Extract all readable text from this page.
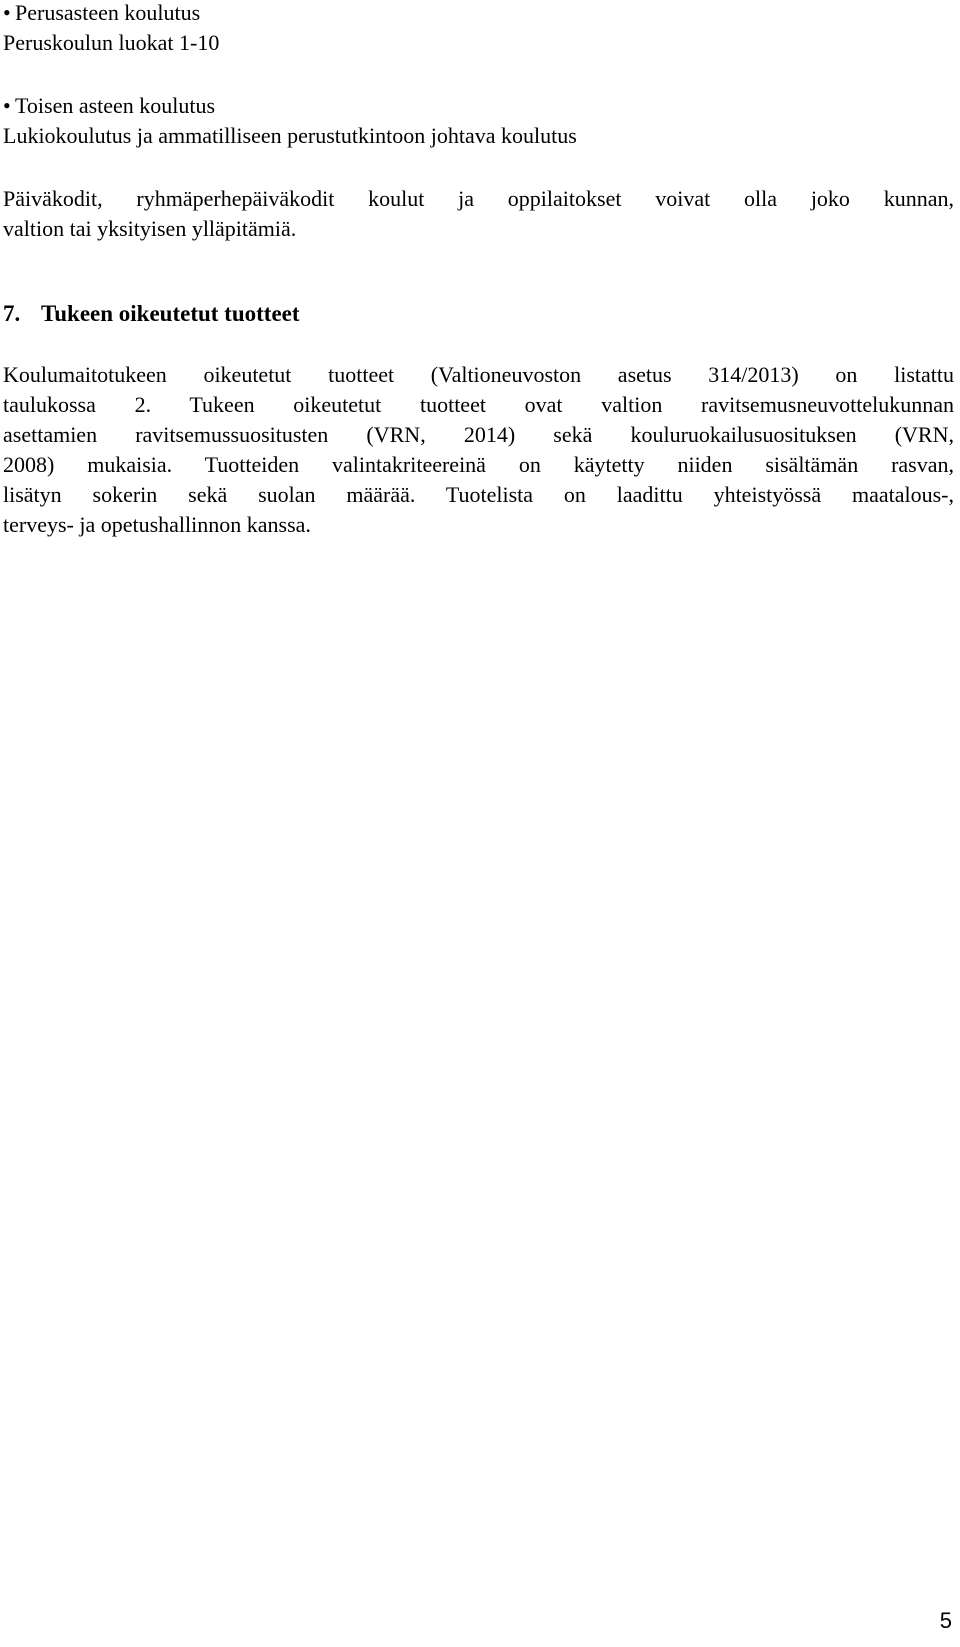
• Perusasteen koulutus
Peruskoulun luokat 1-10
• Toisen asteen koulutus
Lukiokoulutus ja ammatilliseen perustutkintoon johtava koulutus
Päiväkodit, ryhmäperhepäiväkodit koulut ja oppilaitokset voivat olla joko kunnan,
valtion tai yksityisen ylläpitämiä.
7. Tukeen oikeutetut tuotteet
Koulumaitotukeen oikeutetut tuotteet (Valtioneuvoston asetus 314/2013) on listattu
taulukossa 2. Tukeen oikeutetut tuotteet ovat valtion ravitsemusneuvottelukunnan
asettamien ravitsemussuositusten (VRN, 2014) sekä kouluruokailusuosituksen (VRN,
2008) mukaisia. Tuotteiden valintakriteereinä on käytetty niiden sisältämän rasvan,
lisätyn sokerin sekä suolan määrää. Tuotelista on laadittu yhteistyössä maatalous-,
terveys- ja opetushallinnon kanssa.
5
